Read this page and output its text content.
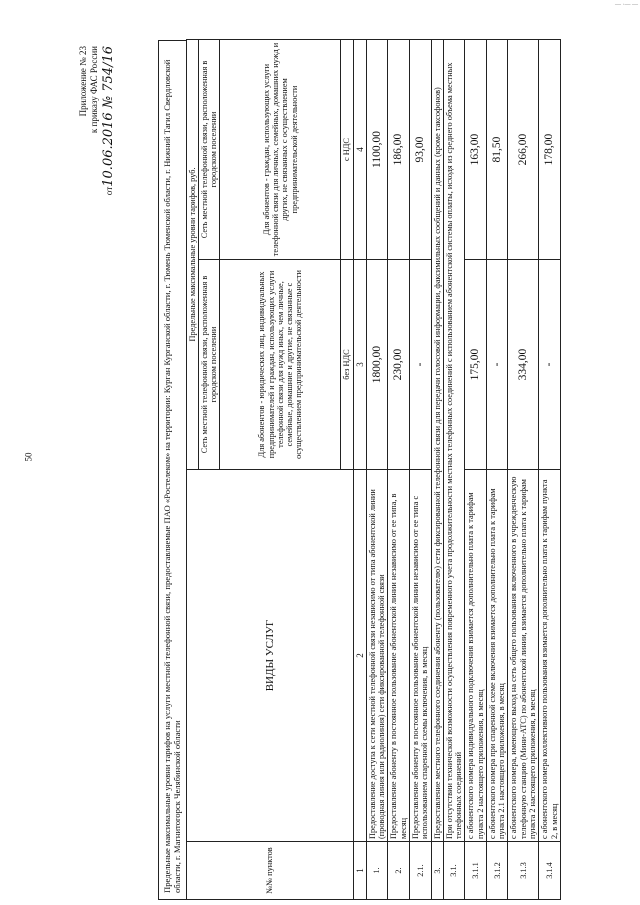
— ·— —
50
Приложение № 23 к приказу ФАС России
от10.06.2016 № 754/16	Предельные максимальные уровни тарифов на услуги местной телефонной связи, предоставляемые ПАО «Ростелеком» на территории: Курган Курганской области, г. Тюмень Тюменской области, г. Нижний Тагил Свердловской области, г. Магнитогорск Челябинской области	№№ пунктов	ВИДЫ УСЛУГ	Предельные максимальные уровни тарифов, руб.	
		Сеть местной телефонной связи, расположенная в городском поселении	Сеть местной телефонной связи, расположенная в городском поселении
		Для абонентов - юридических лиц, индивидуальных предпринимателей и граждан, использующих услуги телефонной связи для нужд иных, чем личные, семейные, домашние и другие, не связанные с осуществлением предпринимательской деятельности	Для абонентов - граждан, использующих услуги телефонной связи для личных, семейных, домашних нужд и других, не связанных с осуществлением предпринимательской деятельности
		без НДС	с НДС
1	2	3	4
1.	Предоставление доступа к сети местной телефонной связи независимо от типа абонентской линии (проводная линия или радиолиния) сети фиксированной телефонной связи	1800,00	1100,00
2.	Предоставление абоненту в постоянное пользование абонентской линии независимо от ее типа, в месяц	230,00	186,00
2.1.	Предоставление абоненту в постоянное пользование абонентской линии независимо от ее типа с использованием спаренной схемы включения, в месяц	-	93,00
3.	Предоставление местного телефонного соединения абоненту (пользователю) сети фиксированной телефонной связи для передачи голосовой информации, факсимильных сообщений и данных (кроме таксофонов)		
3.1.	При отсутствии технической возможности осуществления повременного учета продолжительности местных телефонных соединений с использованием абонентской системы оплаты, исходя из среднего объема местных телефонных соединений		
3.1.1	с абонентского номера индивидуального подключения взимается дополнительно плата к тарифам пункта 2 настоящего приложения, в месяц	175,00	163,00
3.1.2	с абонентского номера при спаренной схеме включения взимается дополнительно плата к тарифам пункта 2.1 настоящего приложения, в месяц	-	81,50
3.1.3	с абонентского номера, имеющего выход на сеть общего пользования включенного в учрежденческую телефонную станцию (Мини-АТС) по абонентской линии, взимается дополнительно плата к тарифам пункта 2 настоящего приложения, в месяц	334,00	266,00
3.1.4	с абонентского номера коллективного пользования взимается дополнительно плата к тарифам пункта 2, в месяц	-	178,00
